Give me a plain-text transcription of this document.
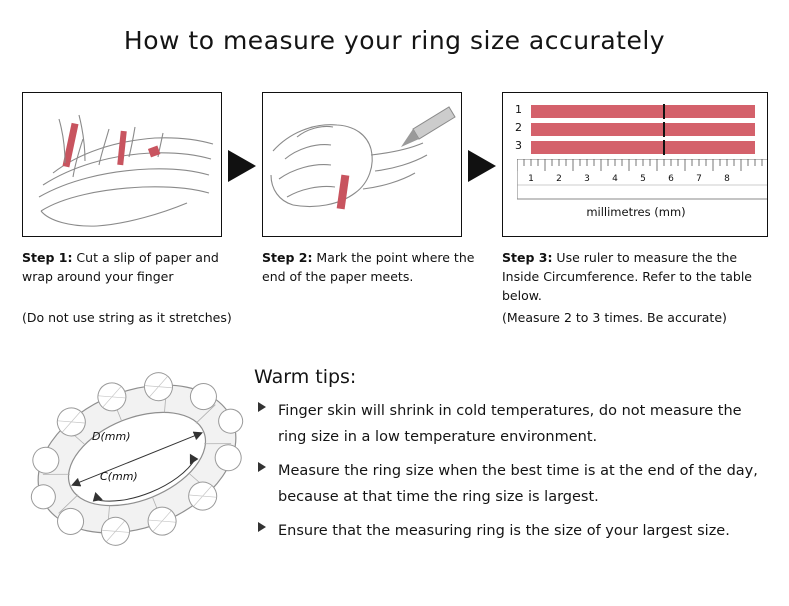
How to measure your ring size accurately
1
2
3
1 2 3 4 5 6 7 8
millimetres (mm)
Step 1: Cut a slip of paper and wrap around your finger
Step 2: Mark the point where the end of the paper meets.
Step 3: Use ruler to measure the the Inside Circumference. Refer to the table below.
(Do not use string as it stretches)	(Measure 2 to 3 times. Be accurate)
D(mm)
C(mm)
Warm tips:
Finger skin will shrink in cold temperatures, do not measure the ring size in a low temperature environment.
Measure the ring size when the best time is at the end of the day, because at that time the ring size is largest.
Ensure that the measuring ring is the size of your largest size.
